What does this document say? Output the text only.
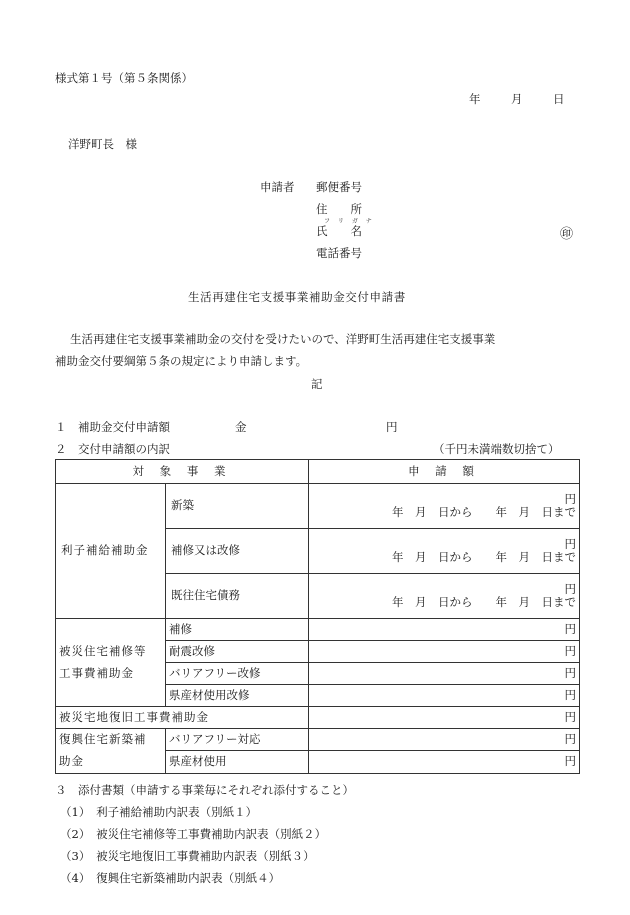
様式第１号（第５条関係）
年	月	日
洋野町長　様
申請者 郵便番号
住　　所
フ リ ガ ナ
氏　　名	㊞
電話番号
生活再建住宅支援事業補助金交付申請書
生活再建住宅支援事業補助金の交付を受けたいので、洋野町生活再建住宅支援事業
補助金交付要綱第５条の規定により申請します。
記
１　補助金交付申請額	金	円
２　交付申請額の内訳	（千円未満端数切捨て）
対 象 事 業		申 請 額
利子補給補助金	新築	円
年　月　日から　　年　月　日まで

	補修又は改修	円
年　月　日から　　年　月　日まで

	既往住宅債務	円
年　月　日から　　年　月　日まで

被災住宅補修等
工事費補助金	補修	円
	耐震改修	円
	バリアフリー改修	円
	県産材使用改修	円
被災宅地復旧工事費補助金		円

復興住宅新築補
助金	バリアフリー対応	円
	県産材使用	円
３　添付書類（申請する事業毎にそれぞれ添付すること）
（1）　利子補給補助内訳表（別紙１）
（2）　被災住宅補修等工事費補助内訳表（別紙２）
（3）　被災宅地復旧工事費補助内訳表（別紙３）
（4）　復興住宅新築補助内訳表（別紙４）
